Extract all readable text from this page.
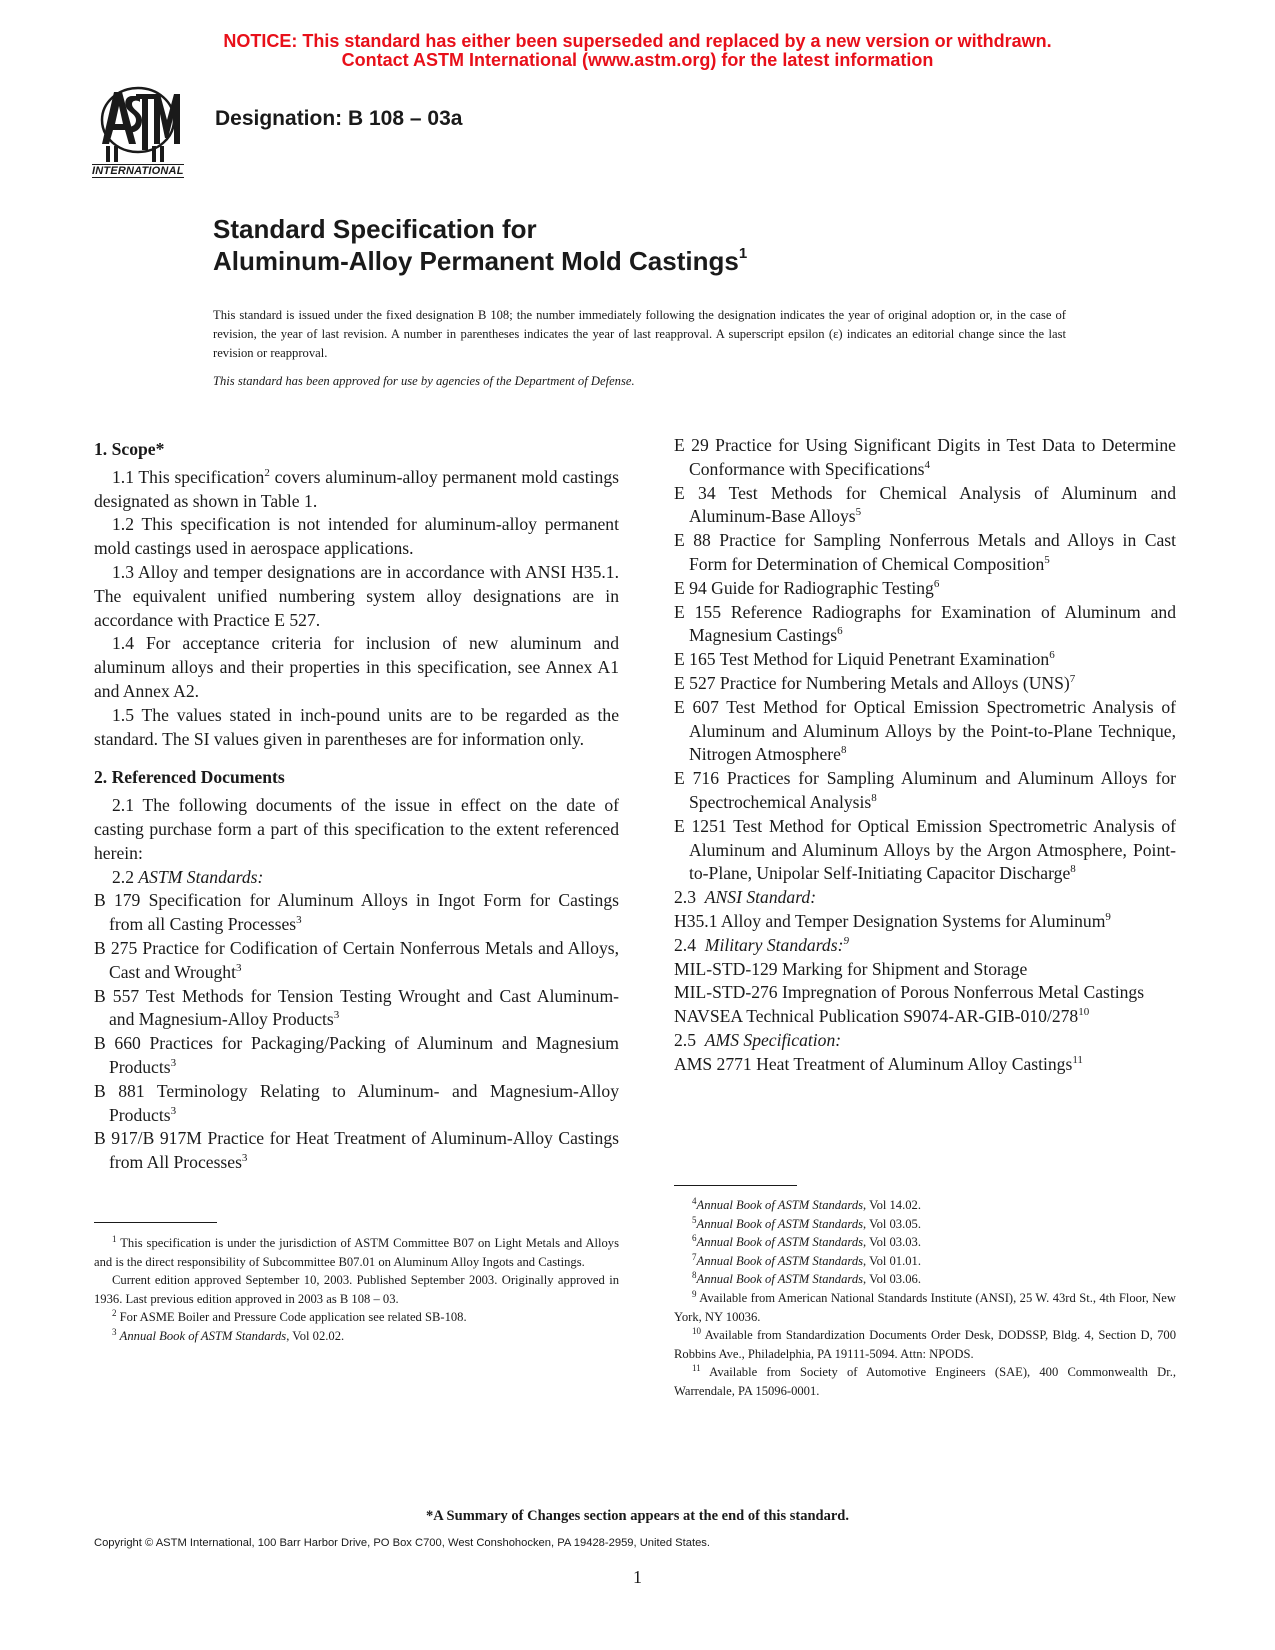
NOTICE: This standard has either been superseded and replaced by a new version or withdrawn.
Contact ASTM International (www.astm.org) for the latest information
INTERNATIONAL
Designation: B 108 – 03a
Standard Specification for
Aluminum-Alloy Permanent Mold Castings$^1$
This standard is issued under the fixed designation B 108; the number immediately following the designation indicates the year of original adoption or, in the case of revision, the year of last revision. A number in parentheses indicates the year of last reapproval. A superscript epsilon (ε) indicates an editorial change since the last revision or reapproval.
This standard has been approved for use by agencies of the Department of Defense.

1. Scope*

1.1 This specification$^2$ covers aluminum-alloy permanent mold castings designated as shown in Table 1.

1.2 This specification is not intended for aluminum-alloy permanent mold castings used in aerospace applications.

1.3 Alloy and temper designations are in accordance with ANSI H35.1. The equivalent unified numbering system alloy designations are in accordance with Practice E 527.

1.4 For acceptance criteria for inclusion of new aluminum and aluminum alloys and their properties in this specification, see Annex A1 and Annex A2.

1.5 The values stated in inch-pound units are to be regarded as the standard. The SI values given in parentheses are for information only.

2. Referenced Documents

2.1 The following documents of the issue in effect on the date of casting purchase form a part of this specification to the extent referenced herein:

2.2 ASTM Standards:

B 179 Specification for Aluminum Alloys in Ingot Form for Castings from all Casting Processes$^3$

B 275 Practice for Codification of Certain Nonferrous Metals and Alloys, Cast and Wrought$^3$

B 557 Test Methods for Tension Testing Wrought and Cast Aluminum- and Magnesium-Alloy Products$^3$

B 660 Practices for Packaging/Packing of Aluminum and Magnesium Products$^3$

B 881 Terminology Relating to Aluminum- and Magnesium-Alloy Products$^3$

B 917/B 917M Practice for Heat Treatment of Aluminum-Alloy Castings from All Processes$^3$

E 29 Practice for Using Significant Digits in Test Data to Determine Conformance with Specifications$^4$

E 34 Test Methods for Chemical Analysis of Aluminum and Aluminum-Base Alloys$^5$

E 88 Practice for Sampling Nonferrous Metals and Alloys in Cast Form for Determination of Chemical Composition$^5$

E 94 Guide for Radiographic Testing$^6$

E 155 Reference Radiographs for Examination of Aluminum and Magnesium Castings$^6$

E 165 Test Method for Liquid Penetrant Examination$^6$

E 527 Practice for Numbering Metals and Alloys (UNS)$^7$

E 607 Test Method for Optical Emission Spectrometric Analysis of Aluminum and Aluminum Alloys by the Point-to-Plane Technique, Nitrogen Atmosphere$^8$

E 716 Practices for Sampling Aluminum and Aluminum Alloys for Spectrochemical Analysis$^8$

E 1251 Test Method for Optical Emission Spectrometric Analysis of Aluminum and Aluminum Alloys by the Argon Atmosphere, Point-to-Plane, Unipolar Self-Initiating Capacitor Discharge$^8$

2.3 ANSI Standard:

H35.1 Alloy and Temper Designation Systems for Aluminum$^9$

2.4 Military Standards:$^9$

MIL-STD-129 Marking for Shipment and Storage

MIL-STD-276 Impregnation of Porous Nonferrous Metal Castings

NAVSEA Technical Publication $S9074-AR-GIB-010/278^{10}$

2.5 AMS Specification:

AMS 2771 Heat Treatment of Aluminum Alloy Castings$^{11}$

$^1$ This specification is under the jurisdiction of ASTM Committee B07 on Light Metals and Alloys and is the direct responsibility of Subcommittee B07.01 on Aluminum Alloy Ingots and Castings.

Current edition approved September 10, 2003. Published September 2003. Originally approved in 1936. Last previous edition approved in 2003 as B 108 – 03.

$^2$ For ASME Boiler and Pressure Code application see related SB-108.

$^3$ Annual Book of ASTM Standards, Vol 02.02.

$^4$Annual Book of ASTM Standards, Vol 14.02.

$^5$Annual Book of ASTM Standards, Vol 03.05.

$^6$Annual Book of ASTM Standards, Vol 03.03.

$^7$Annual Book of ASTM Standards, Vol 01.01.

$^8$Annual Book of ASTM Standards, Vol 03.06.

$^9$ Available from American National Standards Institute (ANSI), 25 W. 43rd St., 4th Floor, New York, NY 10036.

$^{10}$ Available from Standardization Documents Order Desk, DODSSP, Bldg. 4, Section D, 700 Robbins Ave., Philadelphia, PA 19111-5094. Attn: NPODS.

$^{11}$ Available from Society of Automotive Engineers (SAE), 400 Commonwealth Dr., Warrendale, PA 15096-0001.

*A Summary of Changes section appears at the end of this standard.
Copyright © ASTM International, 100 Barr Harbor Drive, PO Box C700, West Conshohocken, PA 19428-2959, United States.
1
